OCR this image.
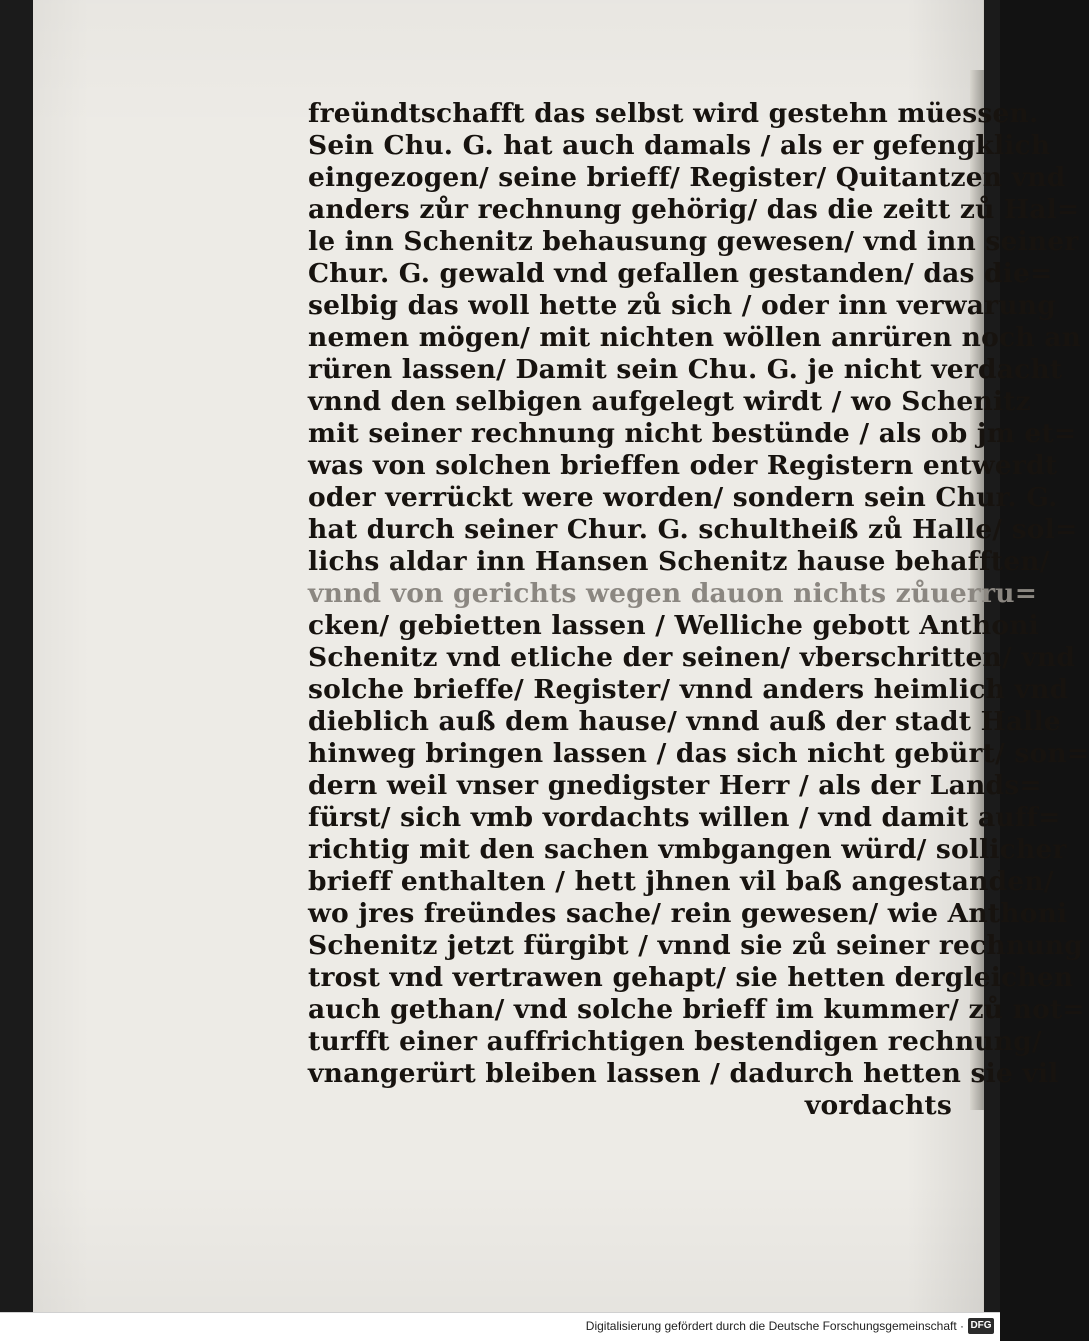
freündtschafft das selbst wird gestehn müessen.
Sein Chu. G. hat auch damals / als er gefengklich
eingezogen/ seine brieff/ Register/ Quitantzen vnd
anders zůr rechnung gehörig/ das die zeitt zů Hal=
le inn Schenitz behausung gewesen/ vnd inn seiner
Chur. G. gewald vnd gefallen gestanden/ das die=
selbig das woll hette zů sich / oder inn verwarung
nemen mögen/ mit nichten wöllen anrüren noch an
rüren lassen/ Damit sein Chu. G. je nicht verdacht
vnnd den selbigen aufgelegt wirdt / wo Schenitz
mit seiner rechnung nicht bestünde / als ob jm et=
was von solchen brieffen oder Registern entwerdt
oder verrückt were worden/ sondern sein Chur. G.
hat durch seiner Chur. G. schultheiß zů Halle/ sol=
lichs aldar inn Hansen Schenitz hause behafften/
vnnd von gerichts wegen dauon nichts zůuerru=
cken/ gebietten lassen / Welliche gebott Anthoni
Schenitz vnd etliche der seinen/ vberschritten/ vnd
solche brieffe/ Register/ vnnd anders heimlich vnd
dieblich auß dem hause/ vnnd auß der stadt Halle
hinweg bringen lassen / das sich nicht gebürt/ son=
dern weil vnser gnedigster Herr / als der Lands=
fürst/ sich vmb vordachts willen / vnd damit auff=
richtig mit den sachen vmbgangen würd/ sollicher
brieff enthalten / hett jhnen vil baß angestanden/
wo jres freündes sache/ rein gewesen/ wie Anthoni
Schenitz jetzt fürgibt / vnnd sie zů seiner rechnung
trost vnd vertrawen gehapt/ sie hetten dergleichen
auch gethan/ vnd solche brieff im kummer/ zů not=
turfft einer auffrichtigen bestendigen rechnung/
vnangerürt bleiben lassen / dadurch hetten sie vil
vordachts
Digitalisierung gefördert durch die Deutsche Forschungsgemeinschaft · DFG
